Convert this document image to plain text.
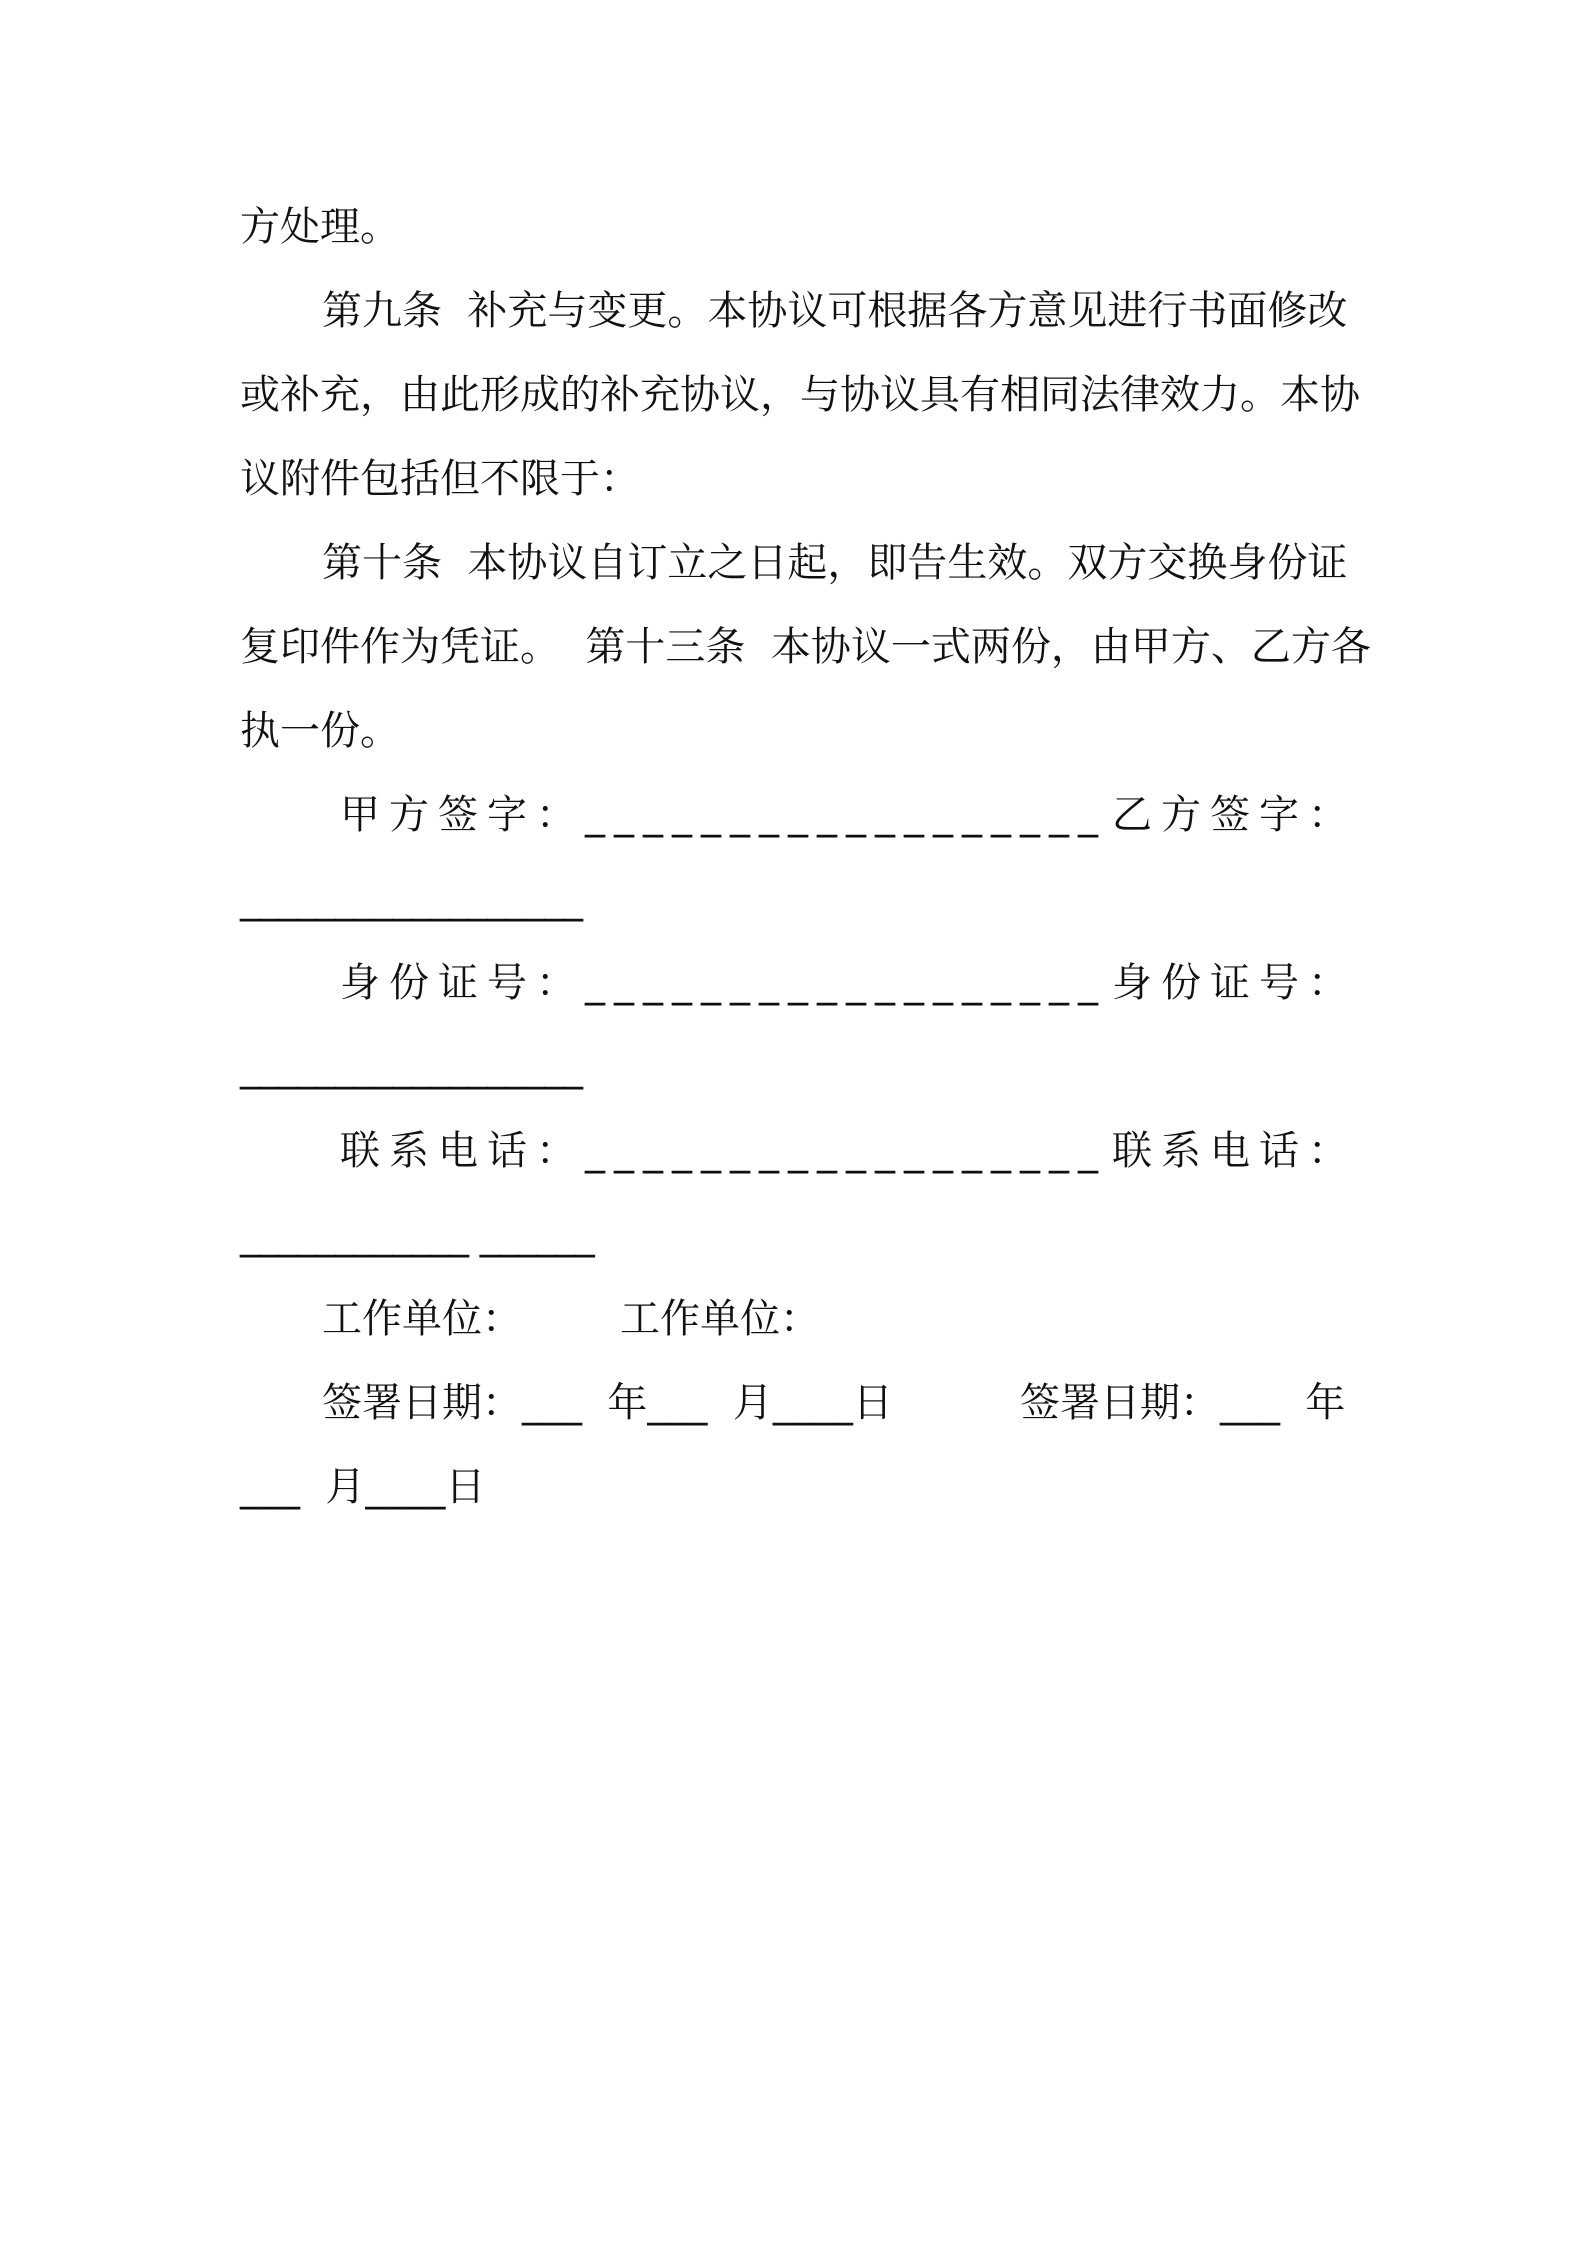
方处理。
第九条  补充与变更。本协议可根据各方意见进行书面修改
或补充，由此形成的补充协议，与协议具有相同法律效力。本协
议附件包括但不限于：
第十条  本协议自订立之日起，即告生效。双方交换身份证
复印件作为凭证。  第十三条  本协议一式两份，由甲方、乙方各
执一份。
甲方签字：__________________ 乙方签字：
__________________
身份证号：__________________ 身份证号：
__________________
联系电话：__________________ 联系电话：
____________ ______
工作单位： 工作单位：
签署日期：___  年___  月____日	签署日期：___  年
___  月____日
